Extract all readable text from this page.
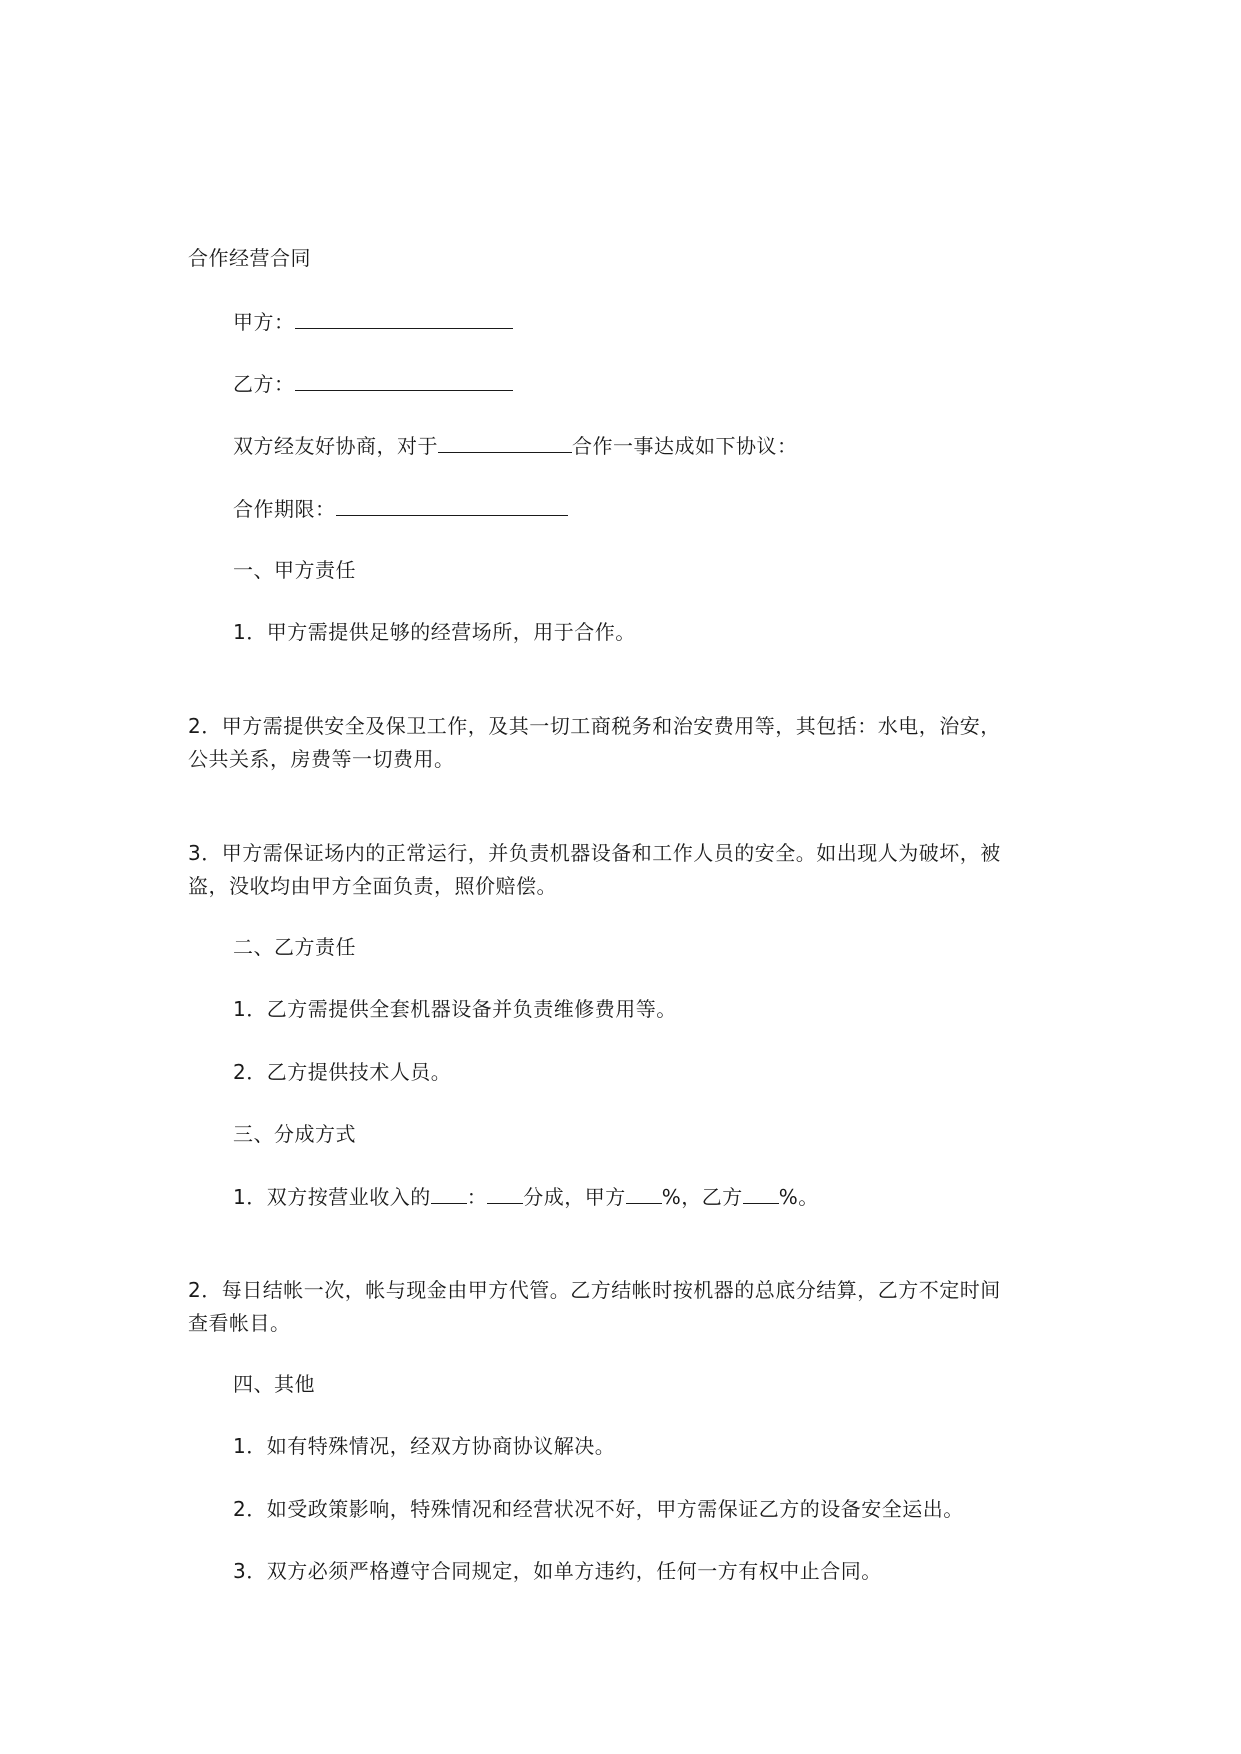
合作经营合同
甲方：
乙方：
双方经友好协商，对于	合作一事达成如下协议：
合作期限：
一、甲方责任
1．甲方需提供足够的经营场所，用于合作。
2．甲方需提供安全及保卫工作，及其一切工商税务和治安费用等，其包括：水电，治安，
公共关系，房费等一切费用。
3．甲方需保证场内的正常运行，并负责机器设备和工作人员的安全。如出现人为破坏，被
盗，没收均由甲方全面负责，照价赔偿。
二、乙方责任
1．乙方需提供全套机器设备并负责维修费用等。
2．乙方提供技术人员。
三、分成方式
1．双方按营业收入的 ： 分成，甲方 %，乙方 %。
2．每日结帐一次，帐与现金由甲方代管。乙方结帐时按机器的总底分结算，乙方不定时间
查看帐目。
四、其他
1．如有特殊情况，经双方协商协议解决。
2．如受政策影响，特殊情况和经营状况不好，甲方需保证乙方的设备安全运出。
3．双方必须严格遵守合同规定，如单方违约，任何一方有权中止合同。
